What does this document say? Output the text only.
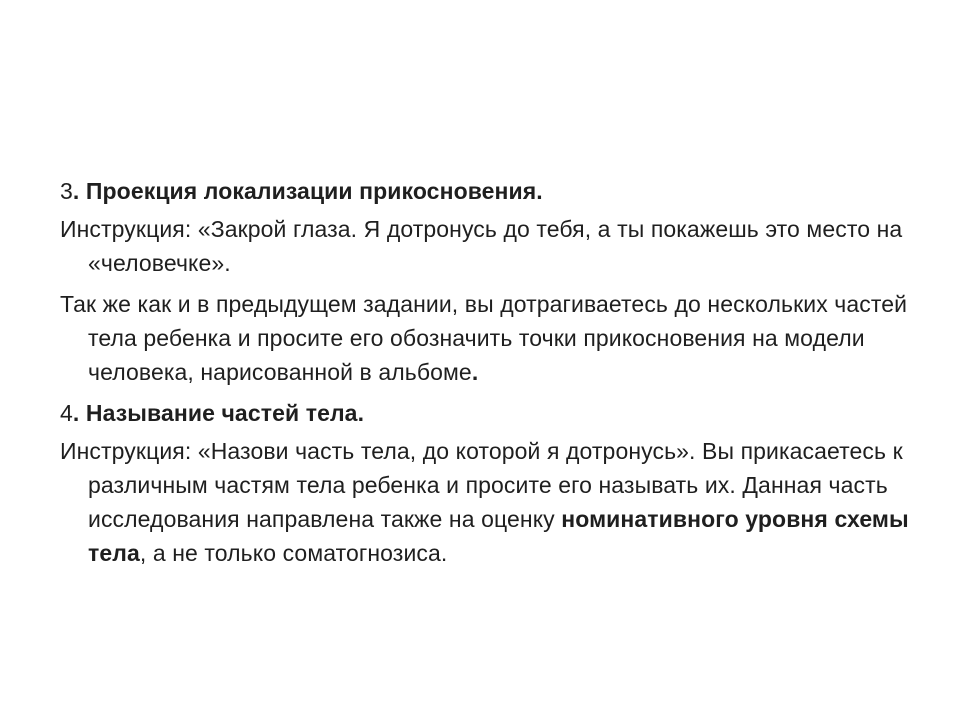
3. Проекция локализации прикосновения.

Инструкция: «Закрой глаза. Я дотронусь до тебя, а ты покажешь это место на «человечке».

Так же как и в предыдущем задании, вы дотрагиваетесь до нескольких частей тела ребенка и просите его обозначить точки прикосновения на модели человека, нарисованной в альбоме.

4. Называние частей тела.

Инструкция: «Назови часть тела, до которой я дотронусь». Вы прикасаетесь к различным частям тела ребенка и просите его называть их. Данная часть исследования направлена также на оценку номинативного уровня схемы тела, а не только соматогнозиса.
